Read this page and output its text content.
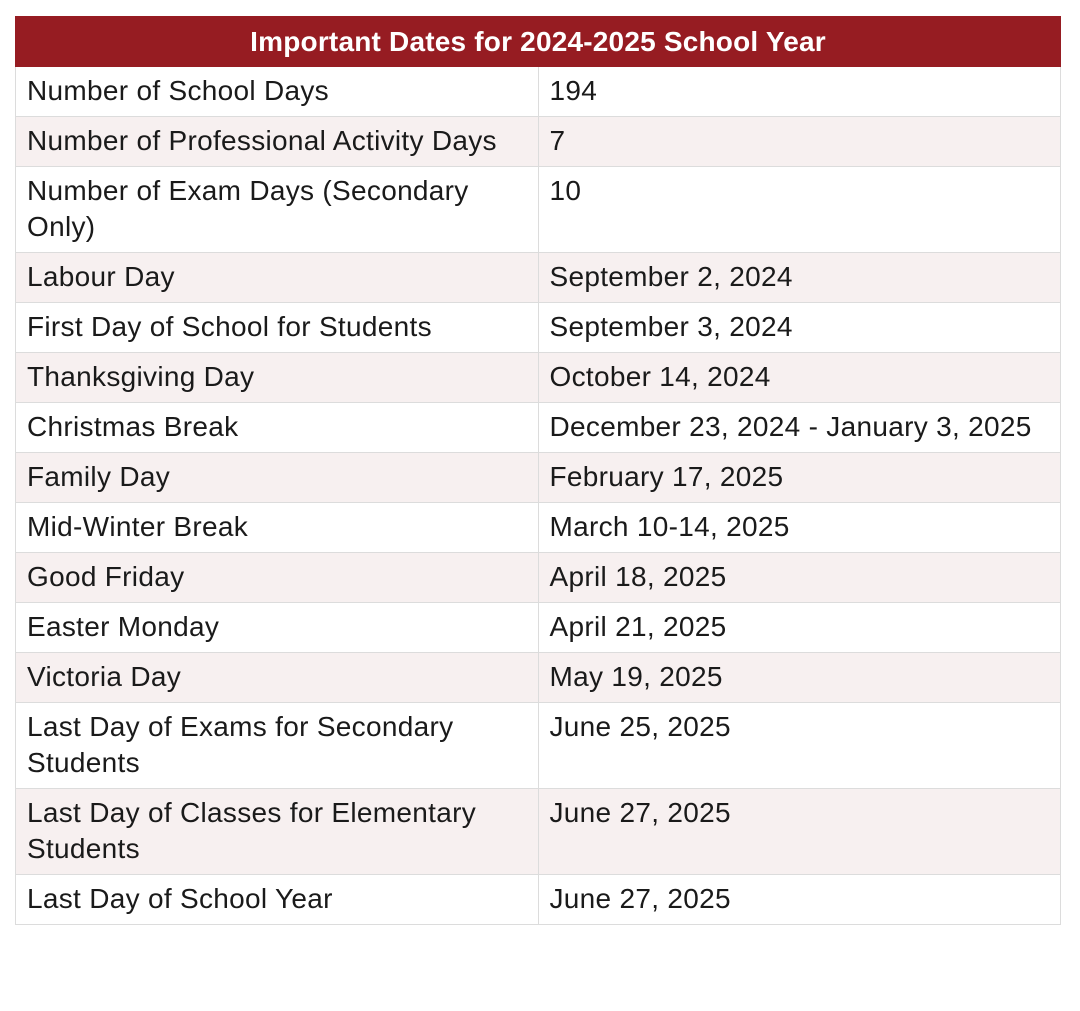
Important Dates for 2024-2025 School Year	
Number of School Days	194
Number of Professional Activity Days	7
Number of Exam Days (Secondary Only)	10
Labour Day	September 2, 2024
First Day of School for Students	September 3, 2024
Thanksgiving Day	October 14, 2024
Christmas Break	December 23, 2024 - January 3, 2025
Family Day	February 17, 2025
Mid-Winter Break	March 10-14, 2025
Good Friday	April 18, 2025
Easter Monday	April 21, 2025
Victoria Day	May 19, 2025
Last Day of Exams for Secondary Students	June 25, 2025
Last Day of Classes for Elementary Students	June 27, 2025
Last Day of School Year	June 27, 2025
